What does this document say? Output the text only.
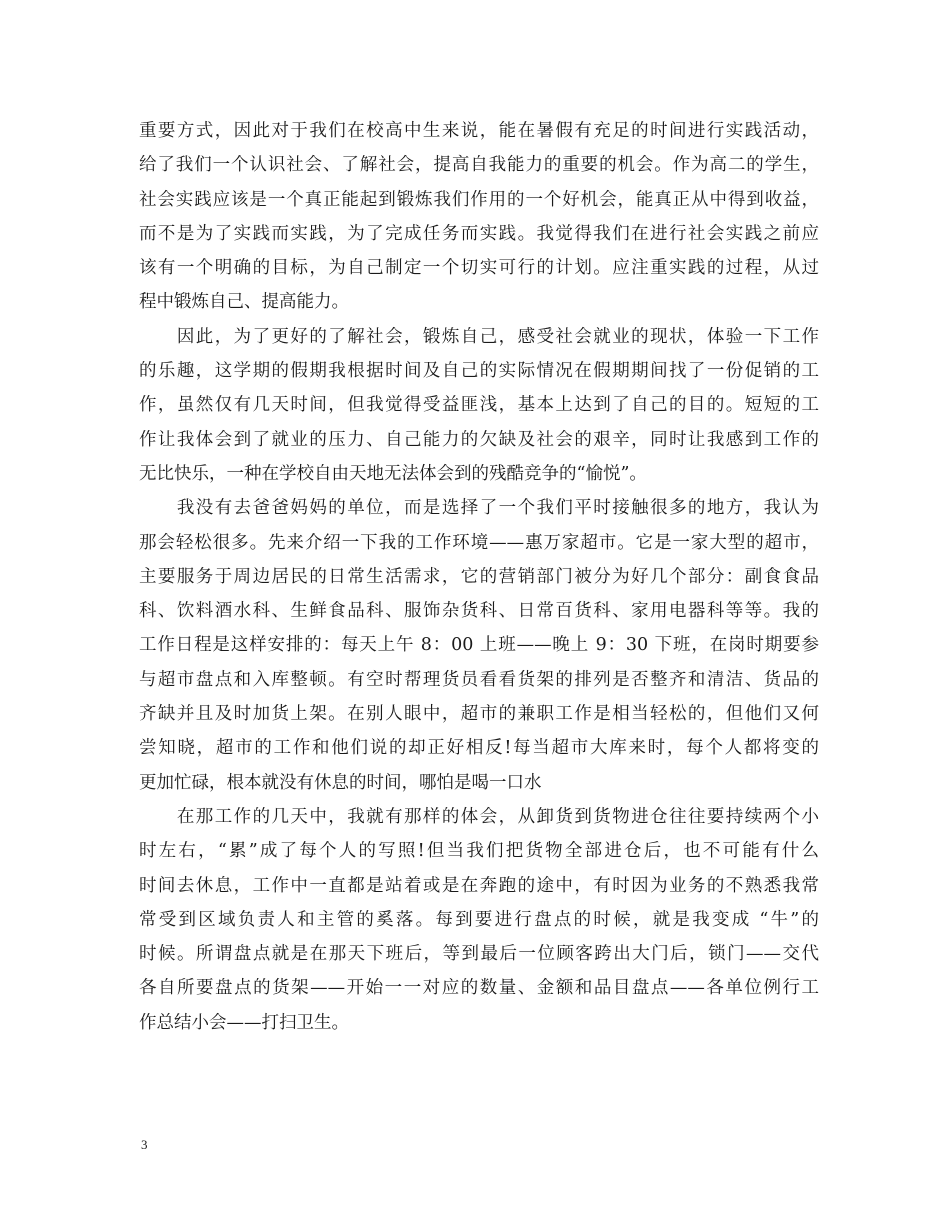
重要方式，因此对于我们在校高中生来说，能在暑假有充足的时间进行实践活动，
给了我们一个认识社会、了解社会，提高自我能力的重要的机会。作为高二的学生，
社会实践应该是一个真正能起到锻炼我们作用的一个好机会，能真正从中得到收益，
而不是为了实践而实践，为了完成任务而实践。我觉得我们在进行社会实践之前应
该有一个明确的目标，为自己制定一个切实可行的计划。应注重实践的过程，从过
程中锻炼自己、提高能力。

　　因此，为了更好的了解社会，锻炼自己，感受社会就业的现状，体验一下工作
的乐趣，这学期的假期我根据时间及自己的实际情况在假期期间找了一份促销的工
作，虽然仅有几天时间，但我觉得受益匪浅，基本上达到了自己的目的。短短的工
作让我体会到了就业的压力、自己能力的欠缺及社会的艰辛，同时让我感到工作的
无比快乐，一种在学校自由天地无法体会到的残酷竞争的“愉悦”。

　　我没有去爸爸妈妈的单位，而是选择了一个我们平时接触很多的地方，我认为
那会轻松很多。先来介绍一下我的工作环境——惠万家超市。它是一家大型的超市，
主要服务于周边居民的日常生活需求，它的营销部门被分为好几个部分：副食食品
科、饮料酒水科、生鲜食品科、服饰杂货科、日常百货科、家用电器科等等。我的
工作日程是这样安排的：每天上午 8：00 上班——晚上 9：30 下班，在岗时期要参
与超市盘点和入库整顿。有空时帮理货员看看货架的排列是否整齐和清洁、货品的
齐缺并且及时加货上架。在别人眼中，超市的兼职工作是相当轻松的，但他们又何
尝知晓，超市的工作和他们说的却正好相反!每当超市大库来时，每个人都将变的
更加忙碌，根本就没有休息的时间，哪怕是喝一口水

　　在那工作的几天中，我就有那样的体会，从卸货到货物进仓往往要持续两个小
时左右，“累”成了每个人的写照!但当我们把货物全部进仓后，也不可能有什么
时间去休息，工作中一直都是站着或是在奔跑的途中，有时因为业务的不熟悉我常
常受到区域负责人和主管的奚落。每到要进行盘点的时候，就是我变成 “牛”的
时候。所谓盘点就是在那天下班后，等到最后一位顾客跨出大门后，锁门——交代
各自所要盘点的货架——开始一一对应的数量、金额和品目盘点——各单位例行工
作总结小会——打扫卫生。

3
